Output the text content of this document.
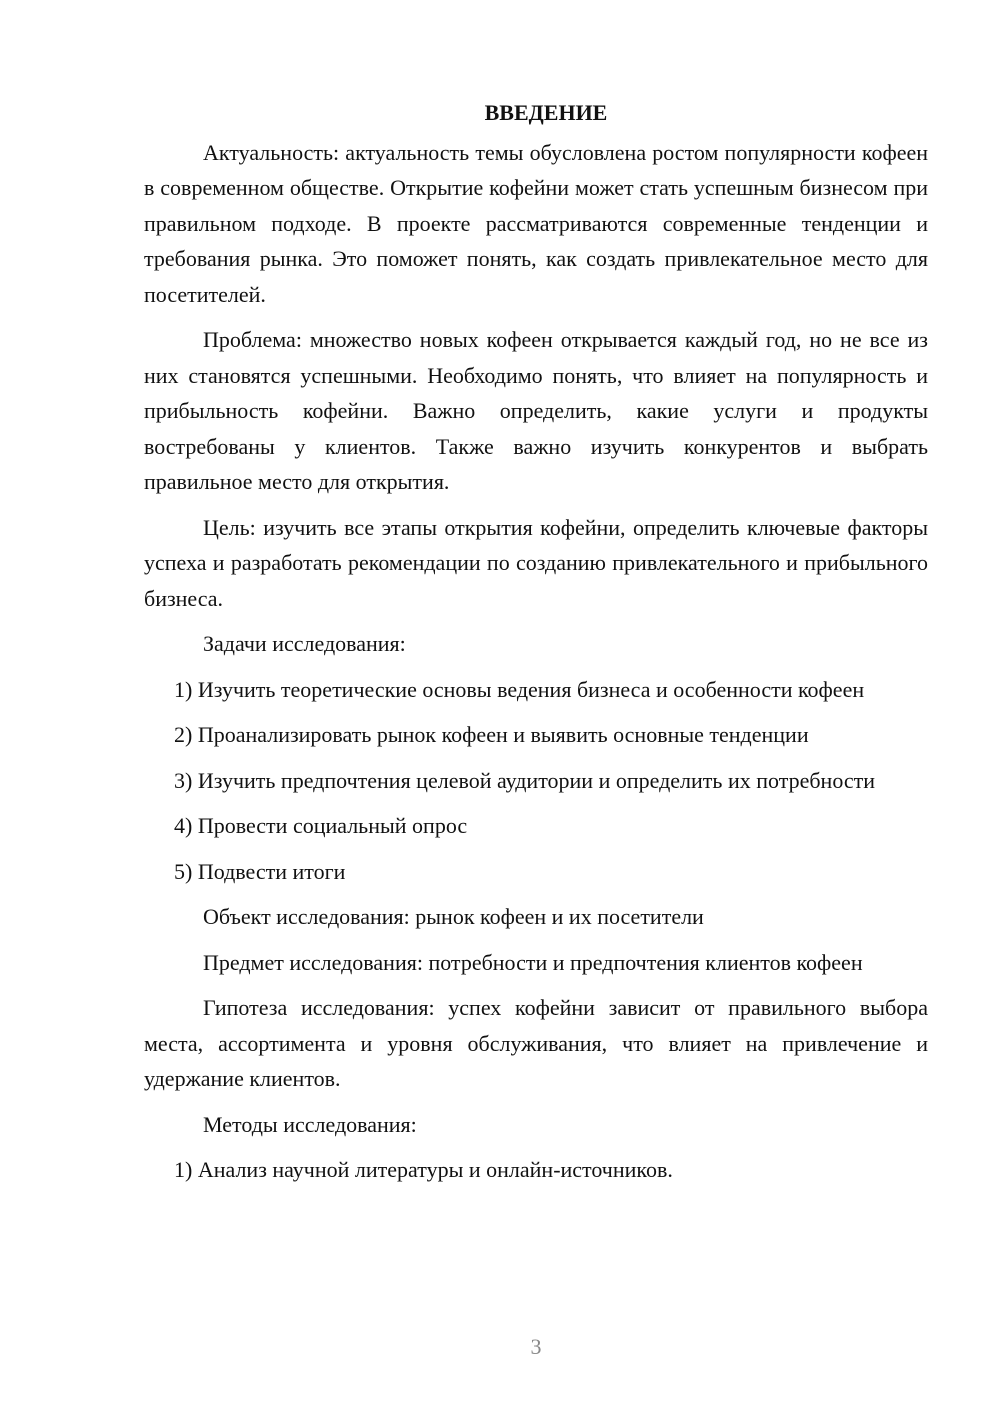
ВВЕДЕНИЕ

Актуальность: актуальность темы обусловлена ростом популярности кофеен в современном обществе. Открытие кофейни может стать успешным бизнесом при правильном подходе. В проекте рассматриваются современные тенденции и требования рынка. Это поможет понять, как создать привлекательное место для посетителей.

Проблема: множество новых кофеен открывается каждый год, но не все из них становятся успешными. Необходимо понять, что влияет на популярность и прибыльность кофейни. Важно определить, какие услуги и продукты востребованы у клиентов. Также важно изучить конкурентов и выбрать правильное место для открытия.

Цель: изучить все этапы открытия кофейни, определить ключевые факторы успеха и разработать рекомендации по созданию привлекательного и прибыльного бизнеса.

Задачи исследования:

1) Изучить теоретические основы ведения бизнеса и особенности кофеен

2) Проанализировать рынок кофеен и выявить основные тенденции

3) Изучить предпочтения целевой аудитории и определить их потребности

4) Провести социальный опрос

5) Подвести итоги

Объект исследования: рынок кофеен и их посетители

Предмет исследования: потребности и предпочтения клиентов кофеен

Гипотеза исследования: успех кофейни зависит от правильного выбора места, ассортимента и уровня обслуживания, что влияет на привлечение и удержание клиентов.

Методы исследования:

1) Анализ научной литературы и онлайн-источников.

3
